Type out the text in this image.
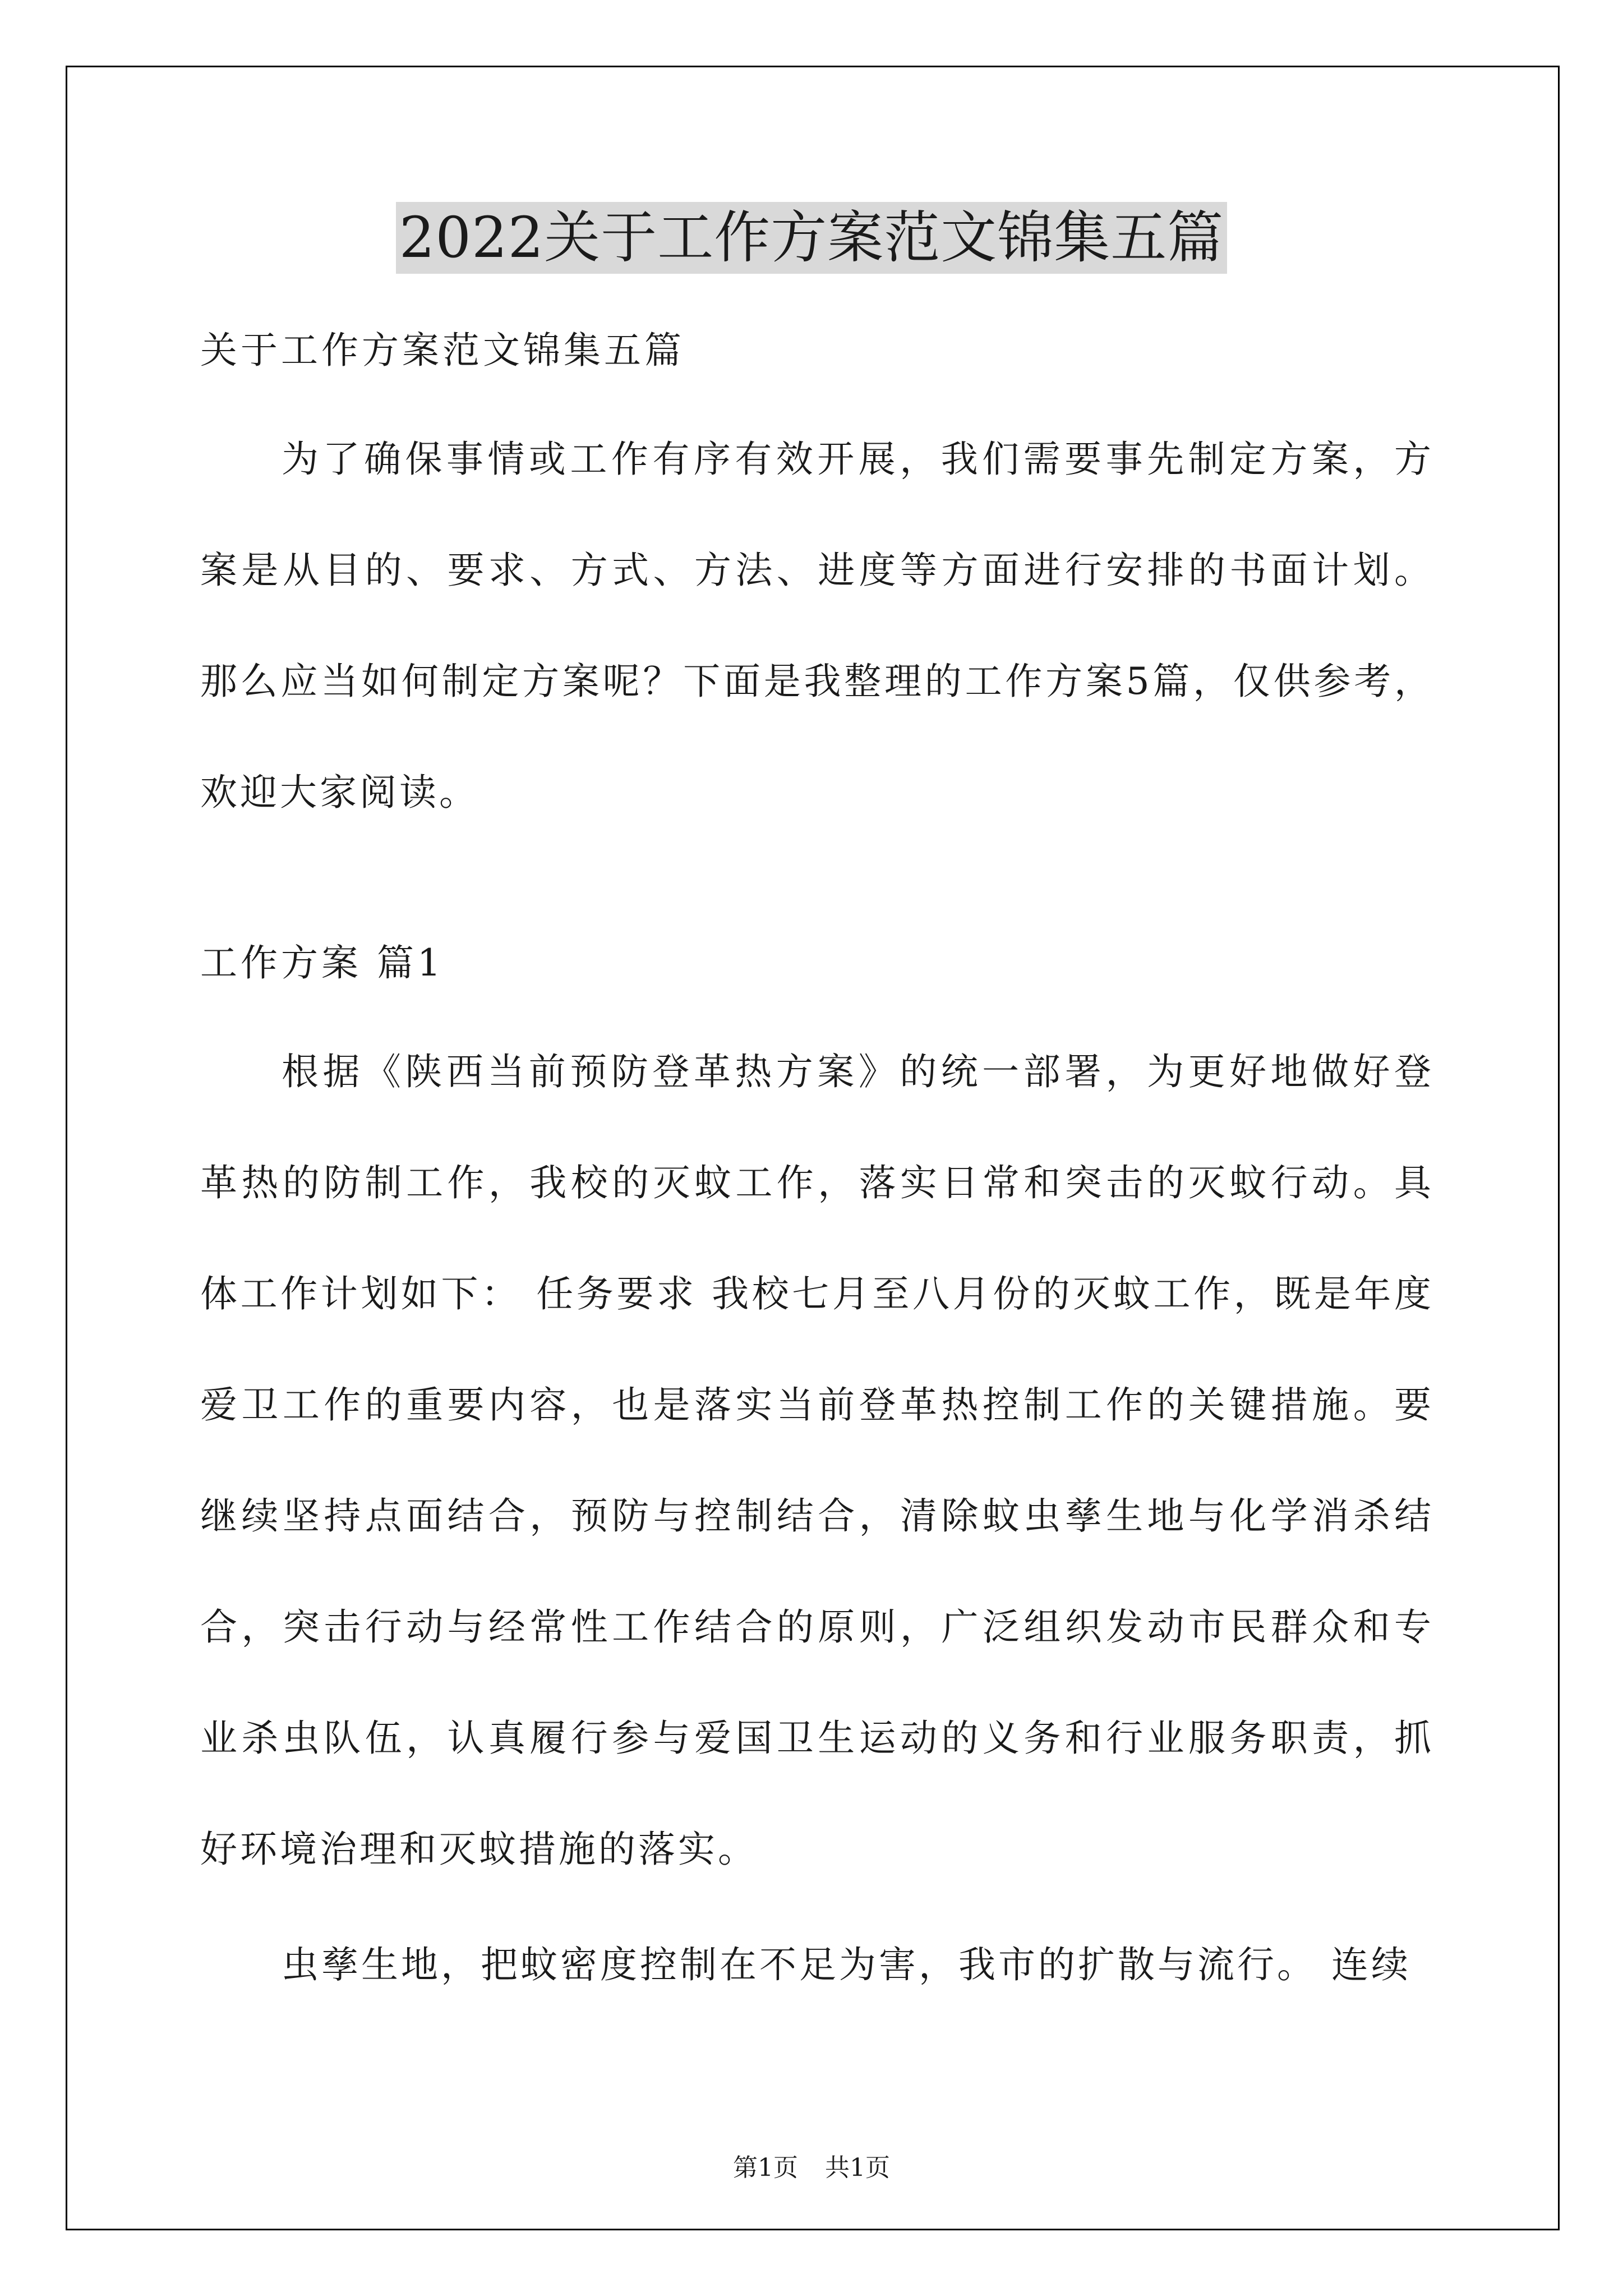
2022关于工作方案范文锦集五篇
关于工作方案范文锦集五篇

为了确保事情或工作有序有效开展，我们需要事先制定方案，方案是从目的、要求、方式、方法、进度等方面进行安排的书面计划。那么应当如何制定方案呢？下面是我整理的工作方案5篇，仅供参考，欢迎大家阅读。

工作方案 篇1

根据《陕西当前预防登革热方案》的统一部署，为更好地做好登革热的防制工作，我校的灭蚊工作，落实日常和突击的灭蚊行动。具体工作计划如下： 任务要求 我校七月至八月份的灭蚊工作，既是年度爱卫工作的重要内容，也是落实当前登革热控制工作的关键措施。要继续坚持点面结合，预防与控制结合，清除蚊虫孳生地与化学消杀结合，突击行动与经常性工作结合的原则，广泛组织发动市民群众和专业杀虫队伍，认真履行参与爱国卫生运动的义务和行业服务职责，抓好环境治理和灭蚊措施的落实。

虫孳生地，把蚊密度控制在不足为害，我市的扩散与流行。 连续

第1页 共1页
